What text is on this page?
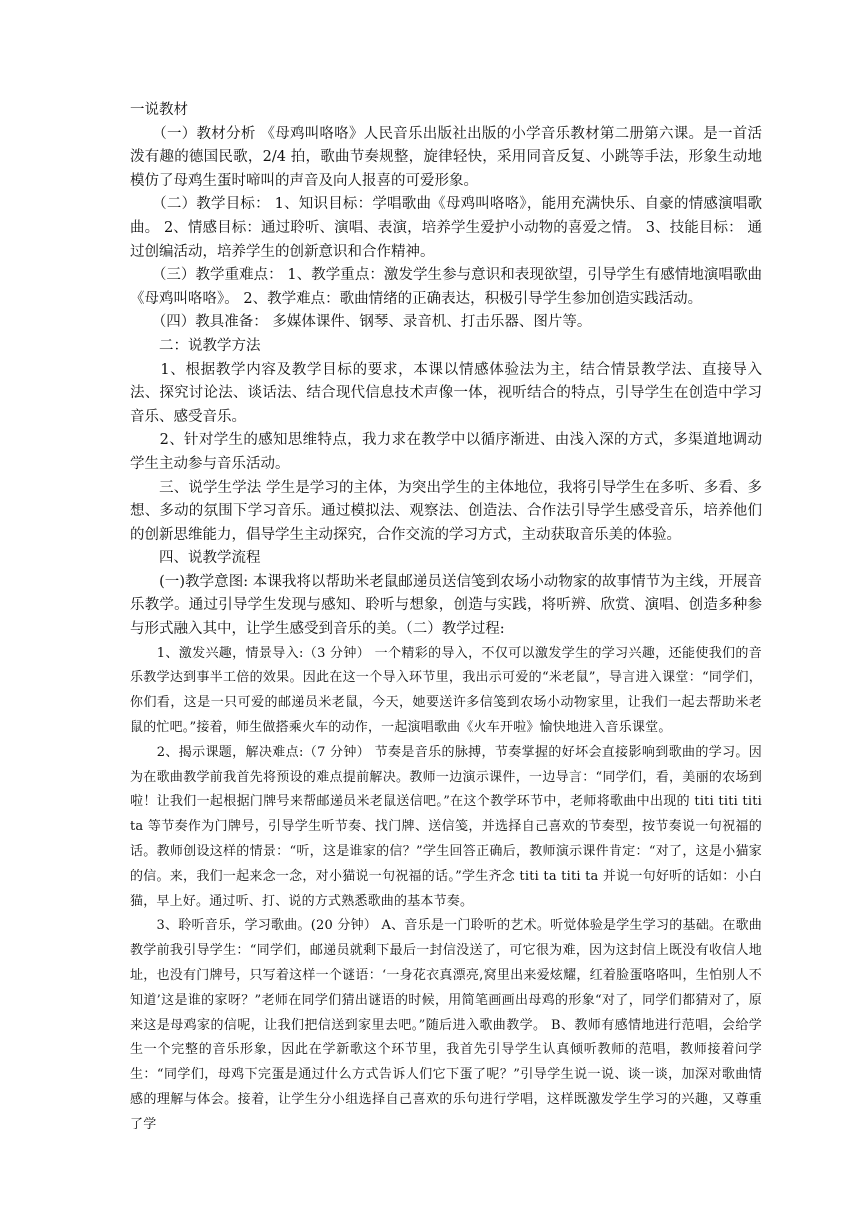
一说教材

　　（一）教材分析 《母鸡叫咯咯》人民音乐出版社出版的小学音乐教材第二册第六课。是一首活泼有趣的德国民歌，2/4 拍，歌曲节奏规整，旋律轻快，采用同音反复、小跳等手法，形象生动地模仿了母鸡生蛋时啼叫的声音及向人报喜的可爱形象。

　　（二）教学目标： 1、知识目标：学唱歌曲《母鸡叫咯咯》，能用充满快乐、自豪的情感演唱歌曲。 2、情感目标：通过聆听、演唱、表演，培养学生爱护小动物的喜爱之情。 3、技能目标： 通过创编活动，培养学生的创新意识和合作精神。

　　（三）教学重难点： 1、教学重点：激发学生参与意识和表现欲望，引导学生有感情地演唱歌曲《母鸡叫咯咯》。 2、教学难点：歌曲情绪的正确表达，积极引导学生参加创造实践活动。

　　（四）教具准备： 多媒体课件、钢琴、录音机、打击乐器、图片等。

　　二：说教学方法

　　1、根据教学内容及教学目标的要求，本课以情感体验法为主，结合情景教学法、直接导入法、探究讨论法、谈话法、结合现代信息技术声像一体，视听结合的特点，引导学生在创造中学习音乐、感受音乐。

　　2、针对学生的感知思维特点，我力求在教学中以循序渐进、由浅入深的方式，多渠道地调动学生主动参与音乐活动。

　　三、说学生学法 学生是学习的主体，为突出学生的主体地位，我将引导学生在多听、多看、多想、多动的氛围下学习音乐。通过模拟法、观察法、创造法、合作法引导学生感受音乐，培养他们的创新思维能力，倡导学生主动探究，合作交流的学习方式，主动获取音乐美的体验。

　　四、说教学流程

　　(一)教学意图: 本课我将以帮助米老鼠邮递员送信笺到农场小动物家的故事情节为主线，开展音乐教学。通过引导学生发现与感知、聆听与想象，创造与实践，将听辨、欣赏、演唱、创造多种参与形式融入其中，让学生感受到音乐的美。（二）教学过程:

　　1、激发兴趣，情景导入:（3 分钟） 一个精彩的导入，不仅可以激发学生的学习兴趣，还能使我们的音乐教学达到事半工倍的效果。因此在这一个导入环节里，我出示可爱的“米老鼠”，导言进入课堂：“同学们，你们看，这是一只可爱的邮递员米老鼠，今天，她要送许多信笺到农场小动物家里，让我们一起去帮助米老鼠的忙吧。”接着，师生做搭乘火车的动作，一起演唱歌曲《火车开啦》愉快地进入音乐课堂。

　　2、揭示课题，解决难点:（7 分钟） 节奏是音乐的脉搏，节奏掌握的好坏会直接影响到歌曲的学习。因为在歌曲教学前我首先将预设的难点提前解决。教师一边演示课件，一边导言：“同学们，看，美丽的农场到啦！让我们一起根据门牌号来帮邮递员米老鼠送信吧。”在这个教学环节中，老师将歌曲中出现的 titi titi titi ta 等节奏作为门牌号，引导学生听节奏、找门牌、送信笺，并选择自己喜欢的节奏型，按节奏说一句祝福的话。教师创设这样的情景：“听，这是谁家的信？”学生回答正确后，教师演示课件肯定：“对了，这是小猫家的信。来，我们一起来念一念，对小猫说一句祝福的话。”学生齐念 titi ta titi ta 并说一句好听的话如：小白猫，早上好。通过听、打、说的方式熟悉歌曲的基本节奏。

　　3、聆听音乐，学习歌曲。(20 分钟） A、音乐是一门聆听的艺术。听觉体验是学生学习的基础。在歌曲教学前我引导学生：“同学们，邮递员就剩下最后一封信没送了，可它很为难，因为这封信上既没有收信人地址，也没有门牌号，只写着这样一个谜语：‘一身花衣真漂亮,窝里出来爱炫耀，红着脸蛋咯咯叫，生怕别人不知道’这是谁的家呀？”老师在同学们猜出谜语的时候，用简笔画画出母鸡的形象“对了，同学们都猜对了，原来这是母鸡家的信呢，让我们把信送到家里去吧。”随后进入歌曲教学。 B、教师有感情地进行范唱，会给学生一个完整的音乐形象，因此在学新歌这个环节里，我首先引导学生认真倾听教师的范唱，教师接着问学生：“同学们，母鸡下完蛋是通过什么方式告诉人们它下蛋了呢？”引导学生说一说、谈一谈，加深对歌曲情感的理解与体会。接着，让学生分小组选择自己喜欢的乐句进行学唱，这样既激发学生学习的兴趣，又尊重了学
